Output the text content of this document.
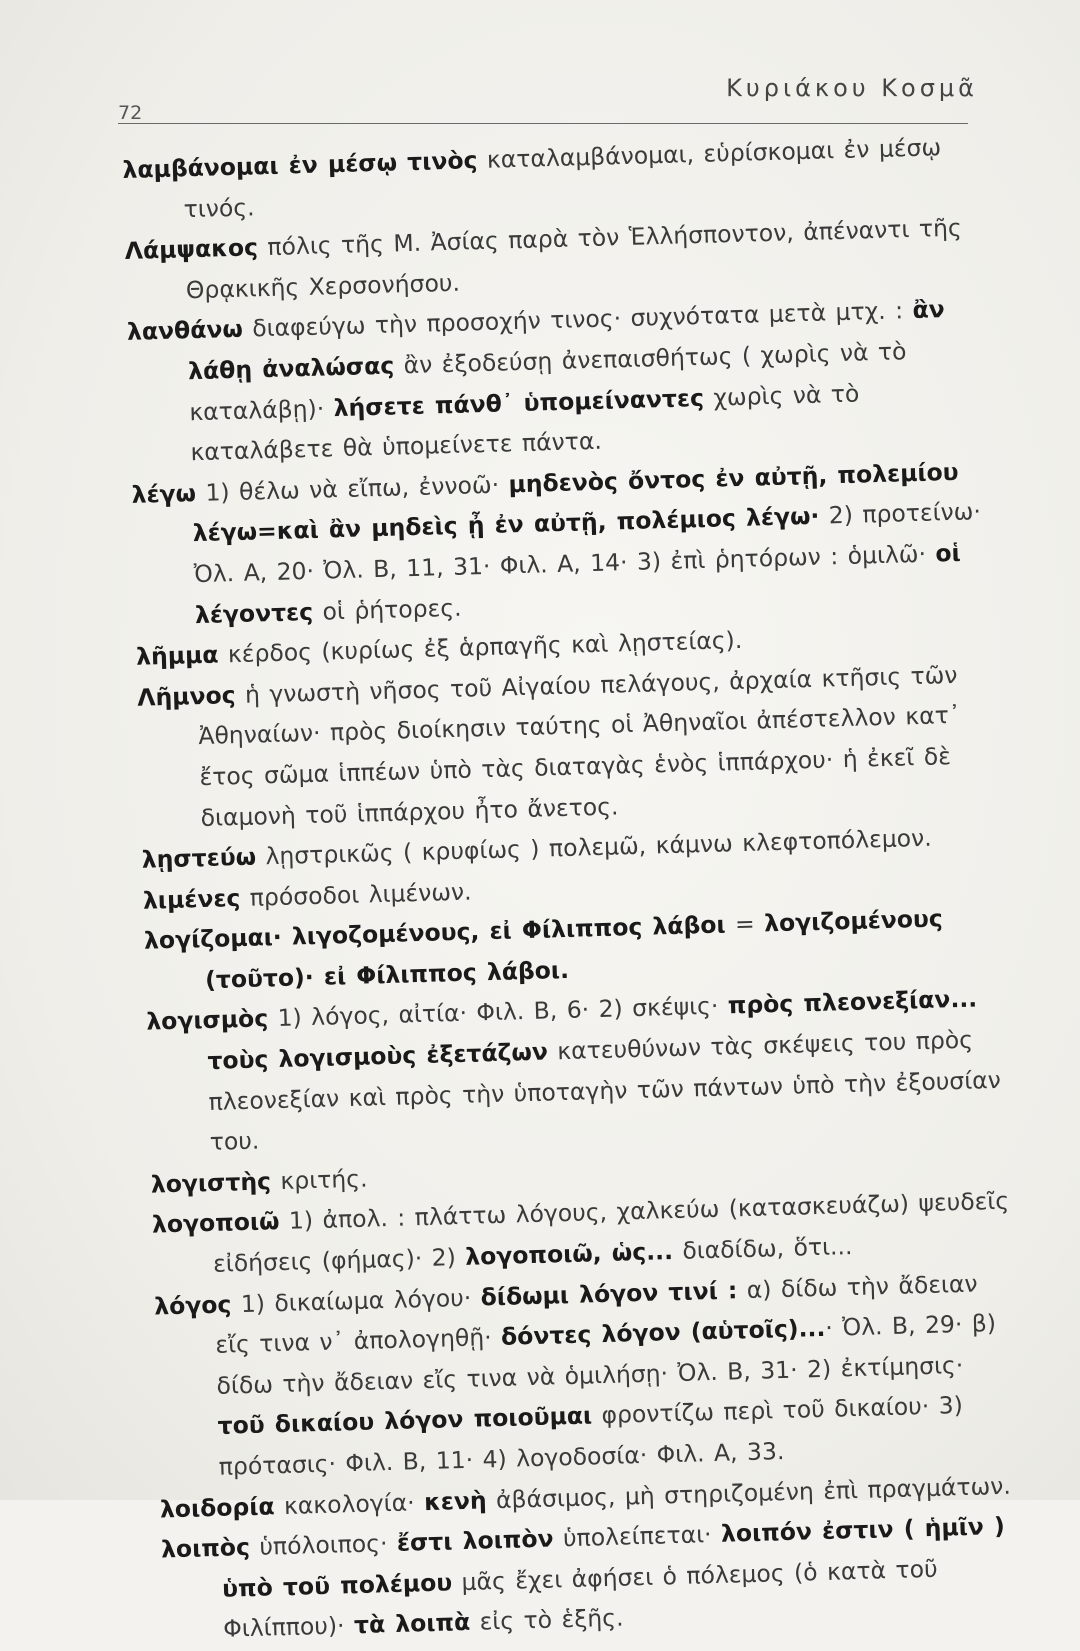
72
Κυριάκου Κοσμᾶ

λαμβάνομαι ἐν μέσῳ τινὸς καταλαμβάνομαι, εὑρίσκομαι ἐν μέσῳ τινός.

Λάμψακος πόλις τῆς Μ. Ἀσίας παρὰ τὸν Ἑλλήσποντον, ἀπέναντι τῆς Θρᾳκικῆς Χερσονήσου.

λανθάνω διαφεύγω τὴν προσοχήν τινος· συχνότατα μετὰ μτχ. : ἂν λάθῃ ἀναλώσας ἂν ἐξοδεύσῃ ἀνεπαισθήτως ( χωρὶς νὰ τὸ καταλάβῃ)· λήσετε πάνθ᾽ ὑπομείναντες χωρὶς νὰ τὸ καταλάβετε θὰ ὑπομείνετε πάντα.

λέγω 1) θέλω νὰ εἴπω, ἐννοῶ· μηδενὸς ὄντος ἐν αὐτῇ, πολεμίου λέγω=καὶ ἂν μηδεὶς ᾖ ἐν αὐτῇ, πολέμιος λέγω· 2) προτείνω· Ὀλ. Α, 20· Ὀλ. Β, 11, 31· Φιλ. Α, 14· 3) ἐπὶ ῥητόρων : ὁμιλῶ· οἱ λέγοντες οἱ ῥήτορες.

λῆμμα κέρδος (κυρίως ἐξ ἁρπαγῆς καὶ λῃστείας).

Λῆμνος ἡ γνωστὴ νῆσος τοῦ Αἰγαίου πελάγους, ἀρχαία κτῆσις τῶν Ἀθηναίων· πρὸς διοίκησιν ταύτης οἱ Ἀθηναῖοι ἀπέστελλον κατ᾽ ἔτος σῶμα ἱππέων ὑπὸ τὰς διαταγὰς ἑνὸς ἱππάρχου· ἡ ἐκεῖ δὲ διαμονὴ τοῦ ἱππάρχου ἦτο ἄνετος.

λῃστεύω λῃστρικῶς ( κρυφίως ) πολεμῶ, κάμνω κλεφτοπόλεμον.

λιμένες πρόσοδοι λιμένων.

λογίζομαι· λιγοζομένους, εἰ Φίλιππος λάβοι = λογιζομένους (τοῦτο)· εἰ Φίλιππος λάβοι.

λογισμὸς 1) λόγος, αἰτία· Φιλ. Β, 6· 2) σκέψις· πρὸς πλεονεξίαν... τοὺς λογισμοὺς ἐξετάζων κατευθύνων τὰς σκέψεις του πρὸς πλεονεξίαν καὶ πρὸς τὴν ὑποταγὴν τῶν πάντων ὑπὸ τὴν ἐξουσίαν του.

λογιστὴς κριτής.

λογοποιῶ 1) ἀπολ. : πλάττω λόγους, χαλκεύω (κατασκευάζω) ψευδεῖς εἰδήσεις (φήμας)· 2) λογοποιῶ, ὡς... διαδίδω, ὅτι...

λόγος 1) δικαίωμα λόγου· δίδωμι λόγον τινί : α) δίδω τὴν ἄδειαν εἴς τινα ν᾽ ἀπολογηθῇ· δόντες λόγον (αὑτοῖς)...· Ὀλ. Β, 29· β) δίδω τὴν ἄδειαν εἴς τινα νὰ ὁμιλήσῃ· Ὀλ. Β, 31· 2) ἐκτίμησις· τοῦ δικαίου λόγον ποιοῦμαι φροντίζω περὶ τοῦ δικαίου· 3) πρότασις· Φιλ. Β, 11· 4) λογοδοσία· Φιλ. Α, 33.

λοιδορία κακολογία· κενὴ ἀβάσιμος, μὴ στηριζομένη ἐπὶ πραγμάτων.

λοιπὸς ὑπόλοιπος· ἔστι λοιπὸν ὑπολείπεται· λοιπόν ἐστιν ( ἡμῖν ) ὑπὸ τοῦ πολέμου μᾶς ἔχει ἀφήσει ὁ πόλεμος (ὁ κατὰ τοῦ Φιλίππου)· τὰ λοιπὰ εἰς τὸ ἑξῆς.
